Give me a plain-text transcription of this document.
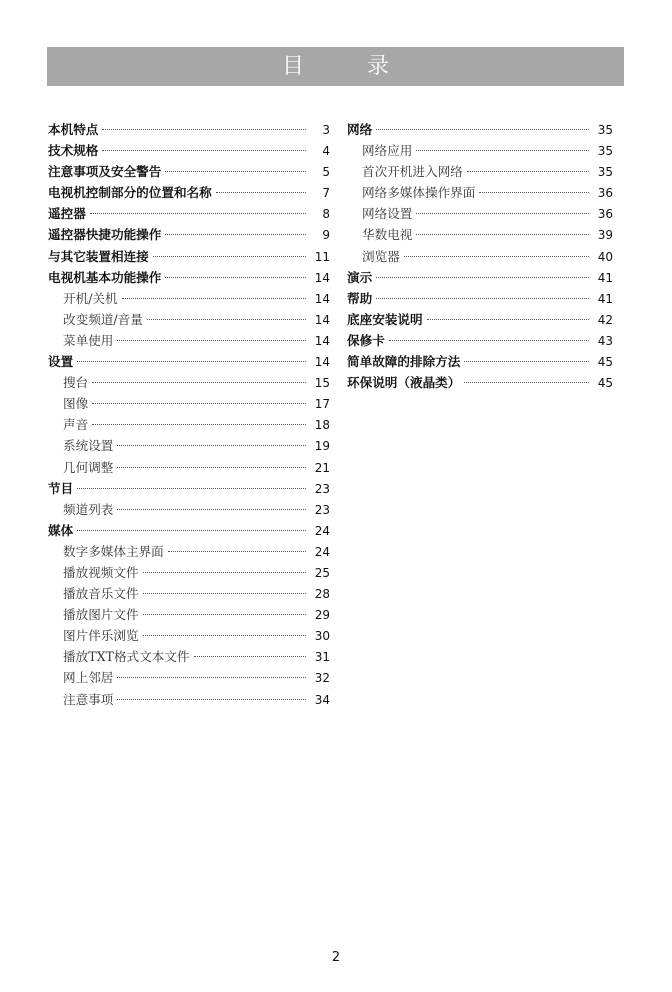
目 录
本机特点	3
技术规格	4
注意事项及安全警告	5
电视机控制部分的位置和名称	7
遥控器	8
遥控器快捷功能操作	9
与其它装置相连接	11
电视机基本功能操作	14
开机/关机	14
改变频道/音量	14
菜单使用	14
设置	14
搜台	15
图像	17
声音	18
系统设置	19
几何调整	21
节目	23
频道列表	23
媒体	24
数字多媒体主界面	24
播放视频文件	25
播放音乐文件	28
播放图片文件	29
图片伴乐浏览	30
播放TXT格式文本文件	31
网上邻居	32
注意事项	34
网络	35
网络应用	35
首次开机进入网络	35
网络多媒体操作界面	36
网络设置	36
华数电视	39
浏览器	40
演示	41
帮助	41
底座安装说明	42
保修卡	43
简单故障的排除方法	45
环保说明（液晶类）	45
2
